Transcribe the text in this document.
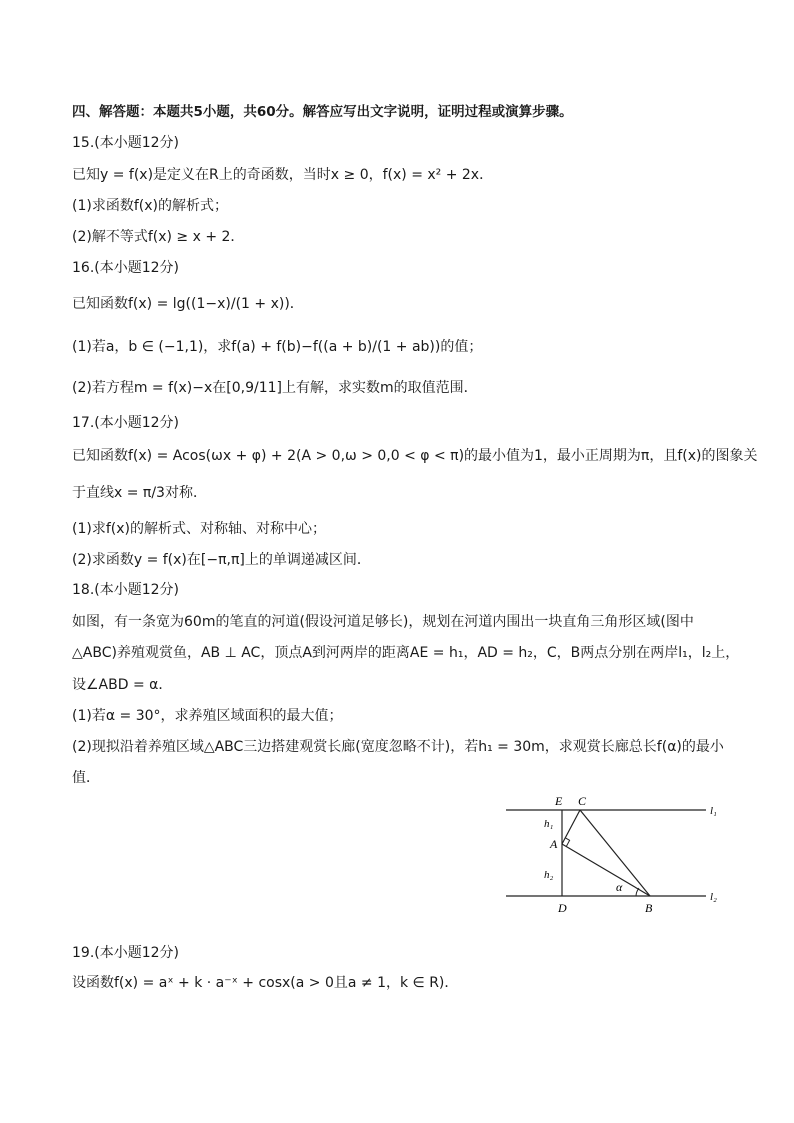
四、解答题：本题共5小题，共60分。解答应写出文字说明，证明过程或演算步骤。
15.(本小题12分)
已知y = f(x)是定义在R上的奇函数，当时x ≥ 0，f(x) = x² + 2x．
(1)求函数f(x)的解析式；
(2)解不等式f(x) ≥ x + 2．
16.(本小题12分)
已知函数f(x) = lg((1−x)/(1 + x))．
(1)若a，b ∈ (−1,1)，求f(a) + f(b)−f((a + b)/(1 + ab))的值；
(2)若方程m = f(x)−x在[0,9/11]上有解，求实数m的取值范围．
17.(本小题12分)
已知函数f(x) = Acos(ωx + φ) + 2(A > 0,ω > 0,0 < φ < π)的最小值为1，最小正周期为π，且f(x)的图象关
于直线x = π/3对称．
(1)求f(x)的解析式、对称轴、对称中心；
(2)求函数y = f(x)在[−π,π]上的单调递减区间．
18.(本小题12分)
如图，有一条宽为60m的笔直的河道(假设河道足够长)，规划在河道内围出一块直角三角形区域(图中
△ABC)养殖观赏鱼，AB ⊥ AC，顶点A到河两岸的距离AE = h₁，AD = h₂，C，B两点分别在两岸l₁，l₂上，
设∠ABD = α．
(1)若α = 30°，求养殖区域面积的最大值；
(2)现拟沿着养殖区域△ABC三边搭建观赏长廊(宽度忽略不计)，若h₁ = 30m，求观赏长廊总长f(α)的最小
值．
E C
A
D	B
h₁
h₂
l₁
l₂
α
19.(本小题12分)
设函数f(x) = aˣ + k · a⁻ˣ + cosx(a > 0且a ≠ 1，k ∈ R)．
